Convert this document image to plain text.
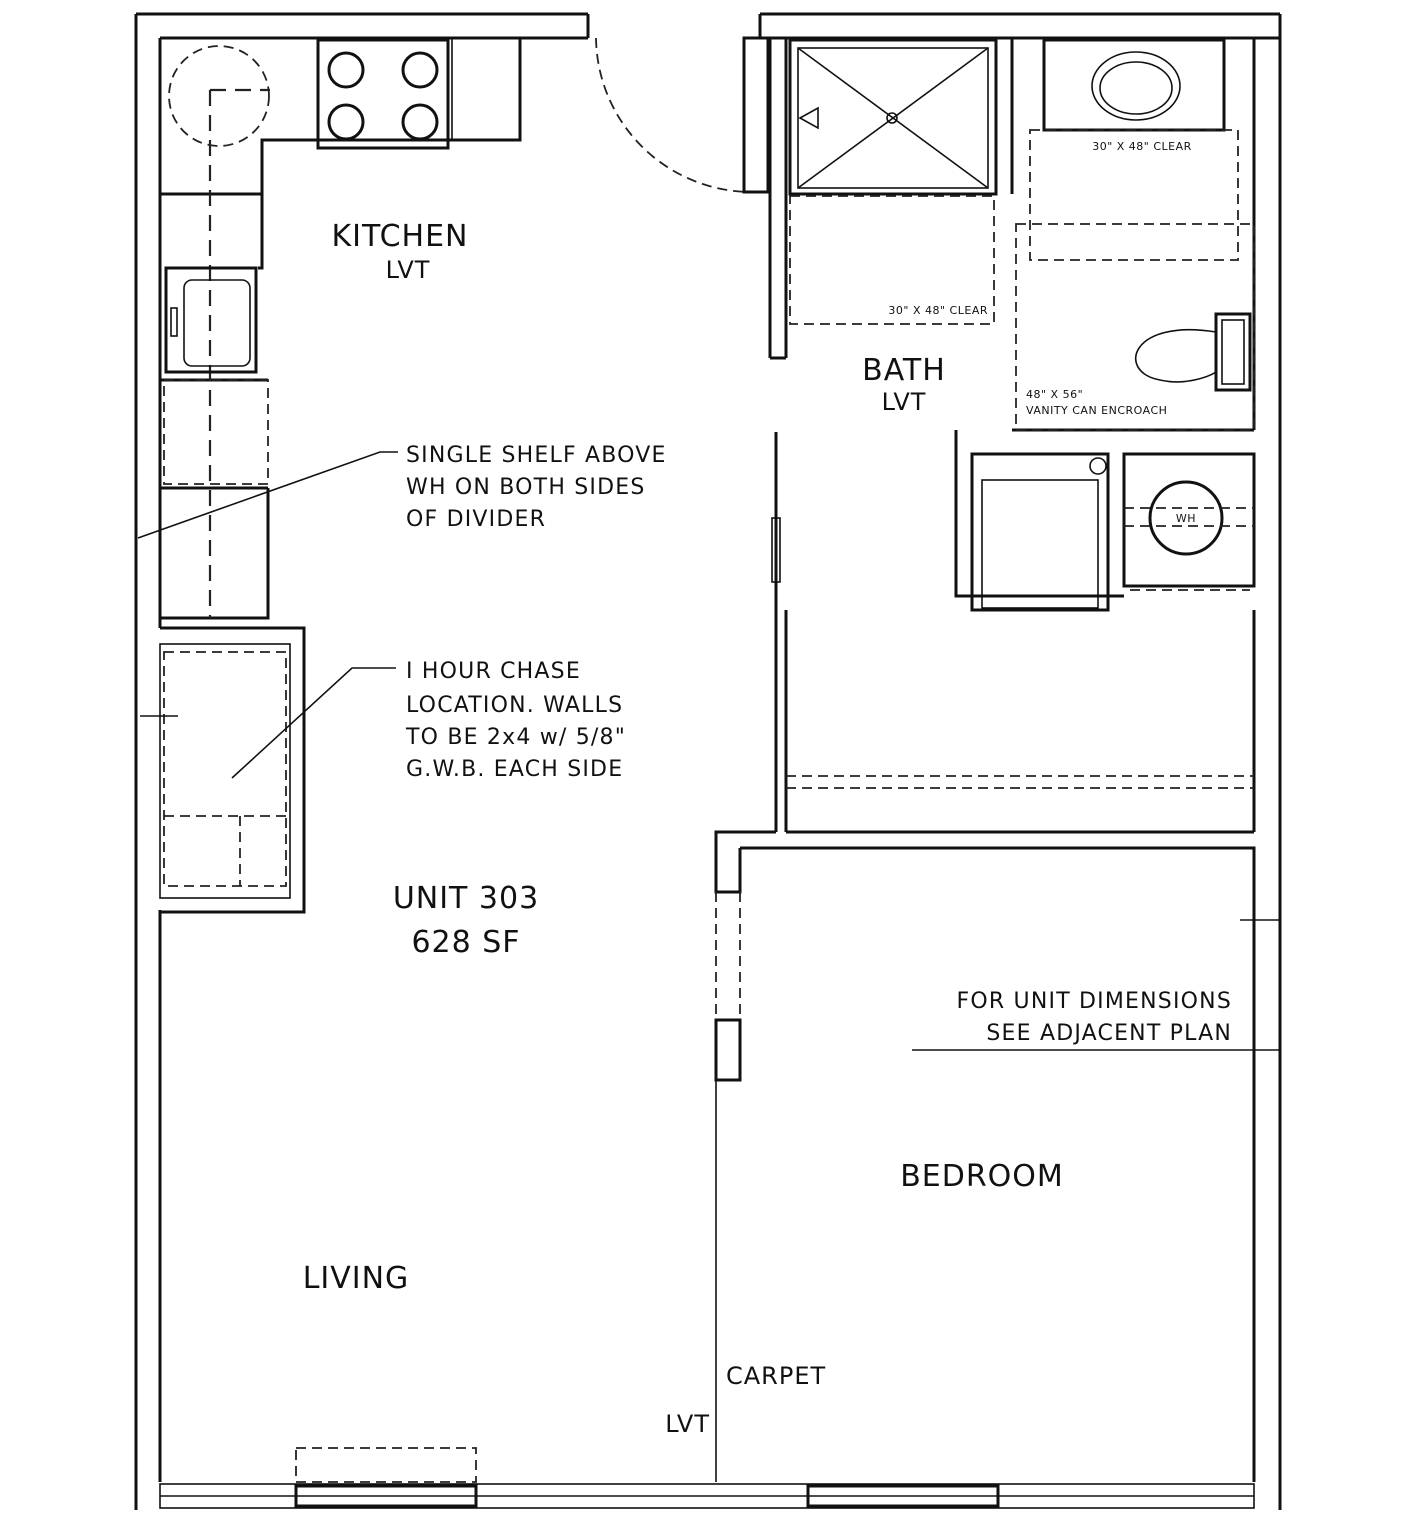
KITCHEN
LVT
BATH
LVT
SINGLE SHELF ABOVE
WH ON BOTH SIDES
OF DIVIDER
I HOUR CHASE
LOCATION. WALLS
TO BE 2x4 w/ 5/8"
G.W.B. EACH SIDE
UNIT 303
628 SF
FOR UNIT DIMENSIONS
SEE ADJACENT PLAN
BEDROOM
LIVING
CARPET
LVT
30" X 48" CLEAR
30" X 48" CLEAR
48" X 56"
VANITY CAN ENCROACH
WH
